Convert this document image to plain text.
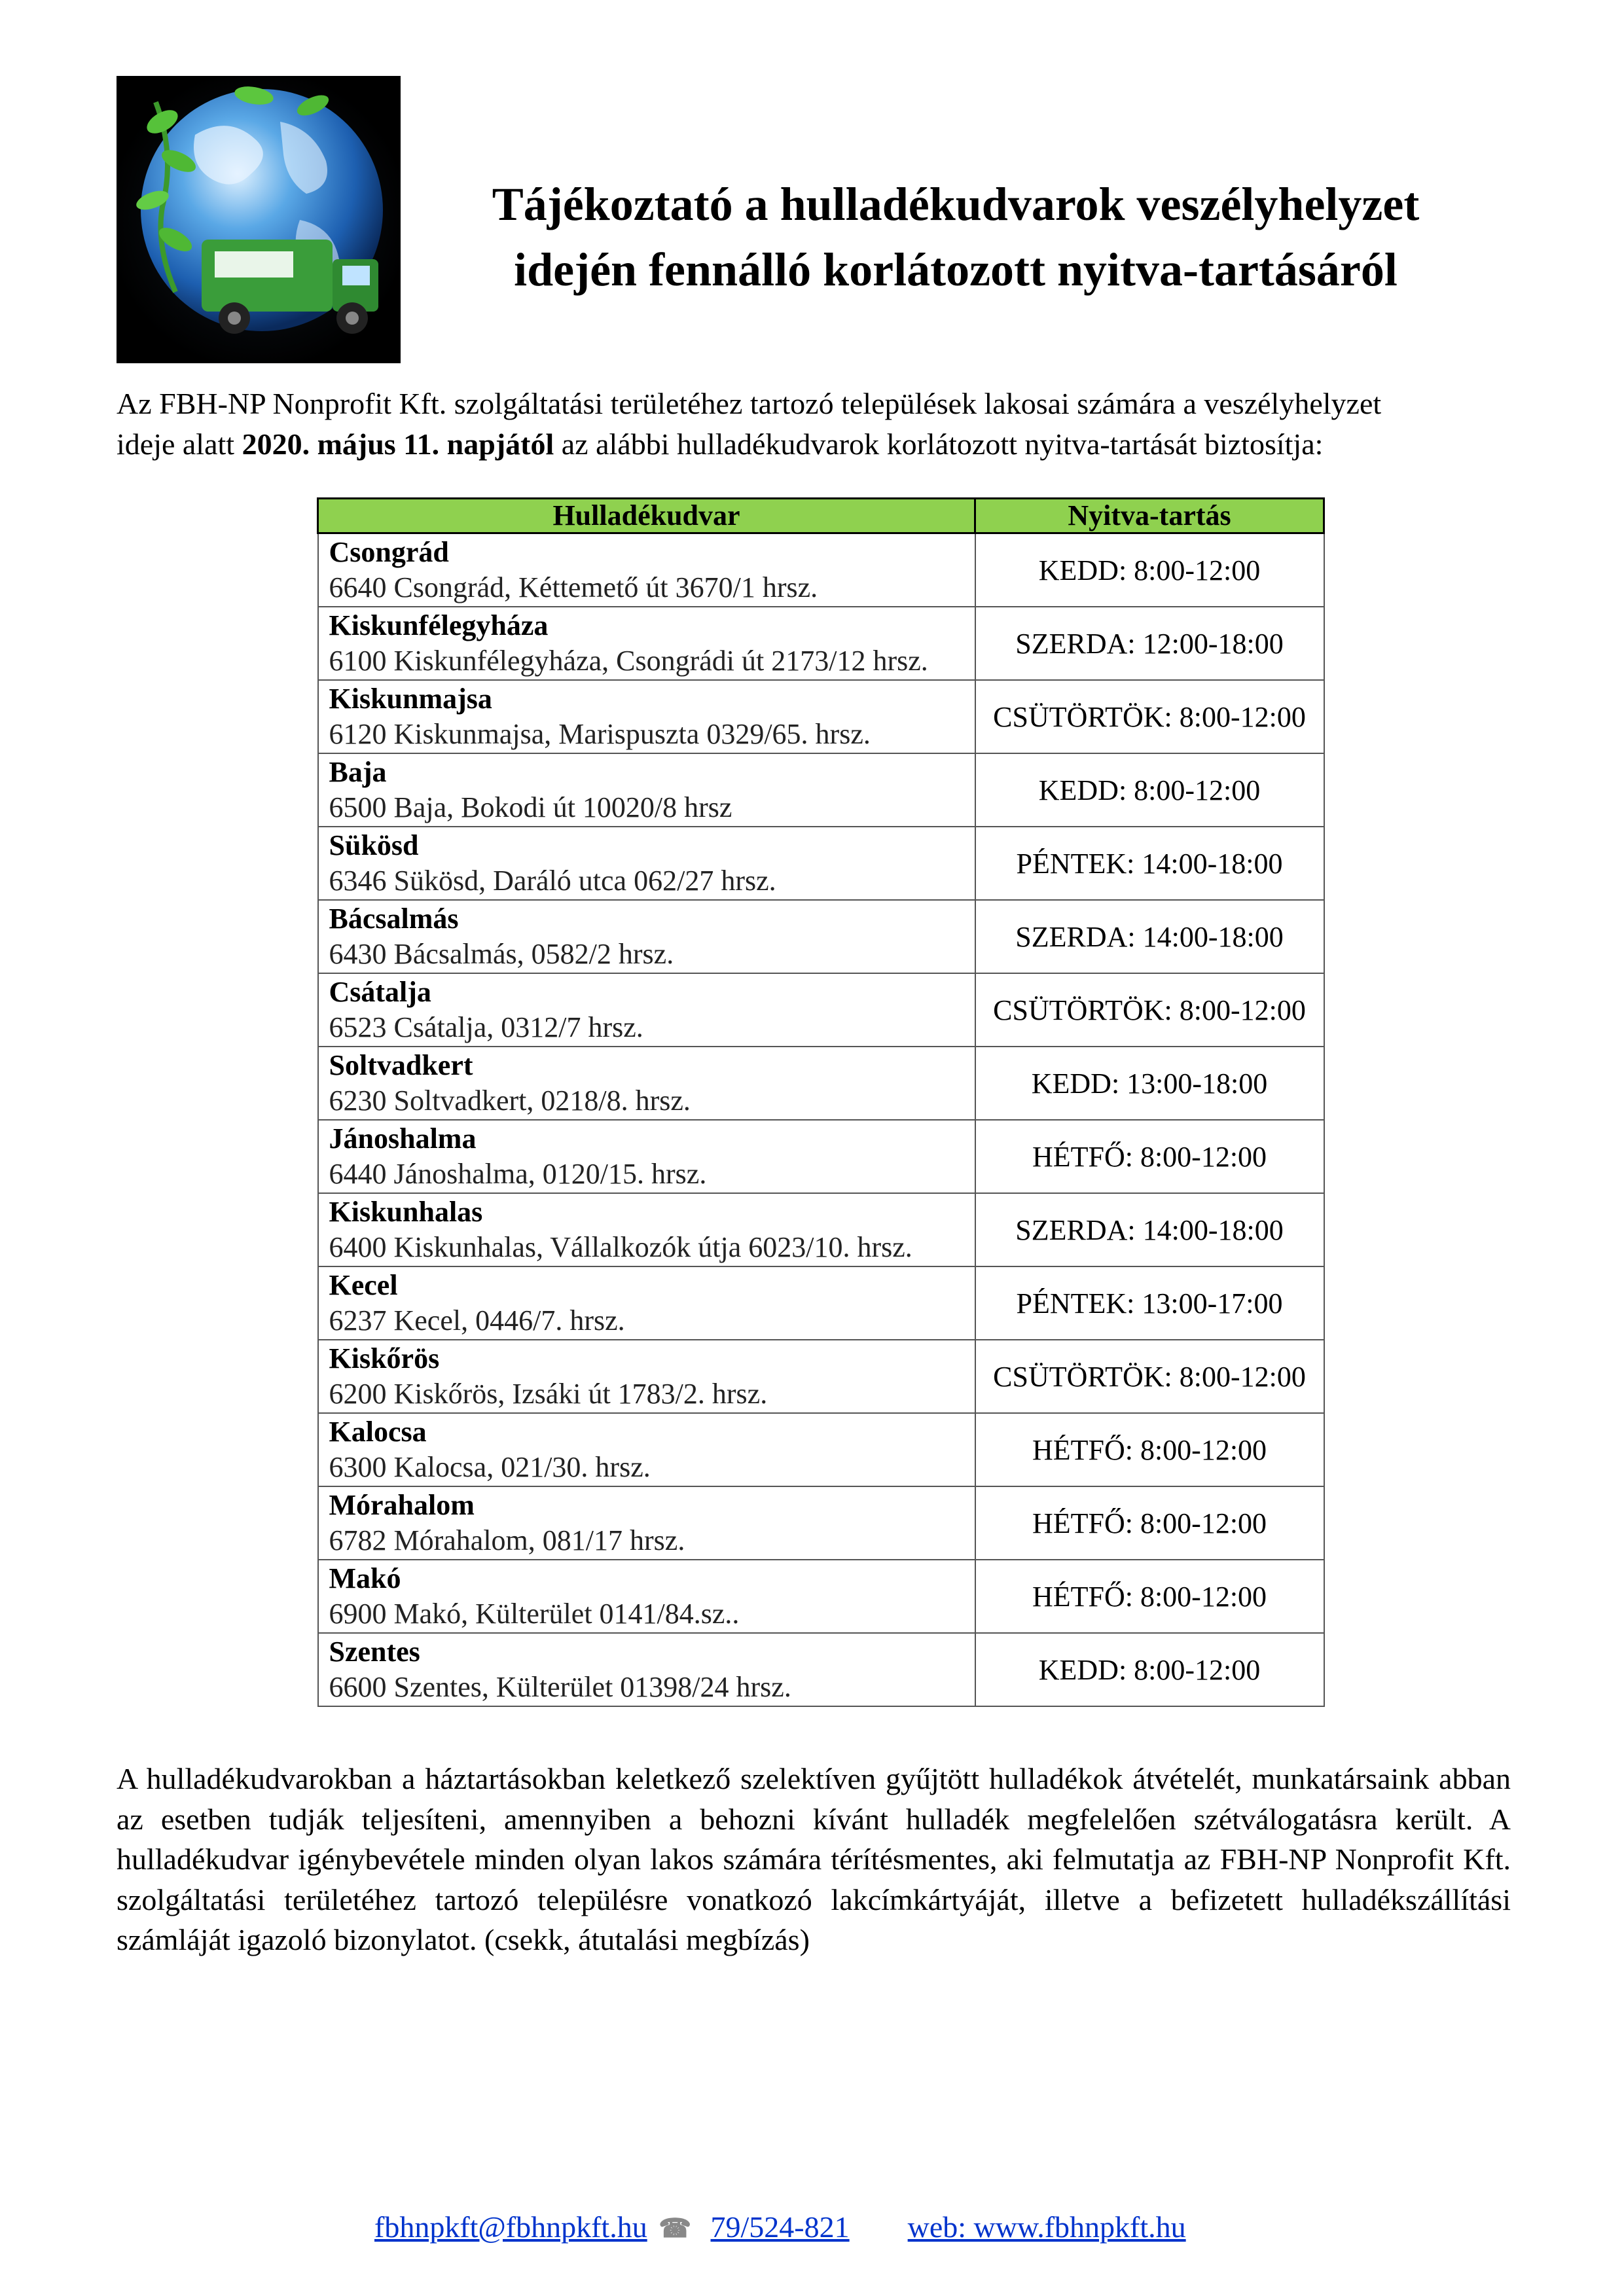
Tájékoztató a hulladékudvarok veszélyhelyzet
idején fennálló korlátozott nyitva-tartásáról
Az FBH-NP Nonprofit Kft. szolgáltatási területéhez tartozó települések lakosai számára a veszélyhelyzet
ideje alatt 2020. május 11. napjától az alábbi hulladékudvarok korlátozott nyitva-tartását biztosítja:
Hulladékudvar	Nyitva-tartás

Csongrád
6640 Csongrád, Kéttemető út 3670/1 hrsz.	KEDD: 8:00-12:00

Kiskunfélegyháza
6100 Kiskunfélegyháza, Csongrádi út 2173/12 hrsz.	SZERDA: 12:00-18:00

Kiskunmajsa
6120 Kiskunmajsa, Marispuszta 0329/65. hrsz.	CSÜTÖRTÖK: 8:00-12:00

Baja
6500 Baja, Bokodi út 10020/8 hrsz	KEDD: 8:00-12:00

Sükösd
6346 Sükösd, Daráló utca 062/27 hrsz.	PÉNTEK: 14:00-18:00

Bácsalmás
6430 Bácsalmás, 0582/2 hrsz.	SZERDA: 14:00-18:00

Csátalja
6523 Csátalja, 0312/7 hrsz.	CSÜTÖRTÖK: 8:00-12:00

Soltvadkert
6230 Soltvadkert, 0218/8. hrsz.	KEDD: 13:00-18:00

Jánoshalma
6440 Jánoshalma, 0120/15. hrsz.	HÉTFŐ: 8:00-12:00

Kiskunhalas
6400 Kiskunhalas, Vállalkozók útja 6023/10. hrsz.	SZERDA: 14:00-18:00

Kecel
6237 Kecel, 0446/7. hrsz.	PÉNTEK: 13:00-17:00

Kiskőrös
6200 Kiskőrös, Izsáki út 1783/2. hrsz.	CSÜTÖRTÖK: 8:00-12:00

Kalocsa
6300 Kalocsa, 021/30. hrsz.	HÉTFŐ: 8:00-12:00

Mórahalom
6782 Mórahalom, 081/17 hrsz.	HÉTFŐ: 8:00-12:00

Makó
6900 Makó, Külterület 0141/84.sz..	HÉTFŐ: 8:00-12:00

Szentes
6600 Szentes, Külterület 01398/24 hrsz.	KEDD: 8:00-12:00
A hulladékudvarokban a háztartásokban keletkező szelektíven gyűjtött hulladékok átvételét, munkatársaink abban az esetben tudják teljesíteni, amennyiben a behozni kívánt hulladék megfelelően szétválogatásra került. A hulladékudvar igénybevétele minden olyan lakos számára térítésmentes, aki felmutatja az FBH-NP Nonprofit Kft. szolgáltatási területéhez tartozó településre vonatkozó lakcímkártyáját, illetve a befizetett hulladékszállítási számláját igazoló bizonylatot. (csekk, átutalási megbízás)
fbhnpkft@fbhnpkft.hu ☎ 79/524-821 web: www.fbhnpkft.hu
